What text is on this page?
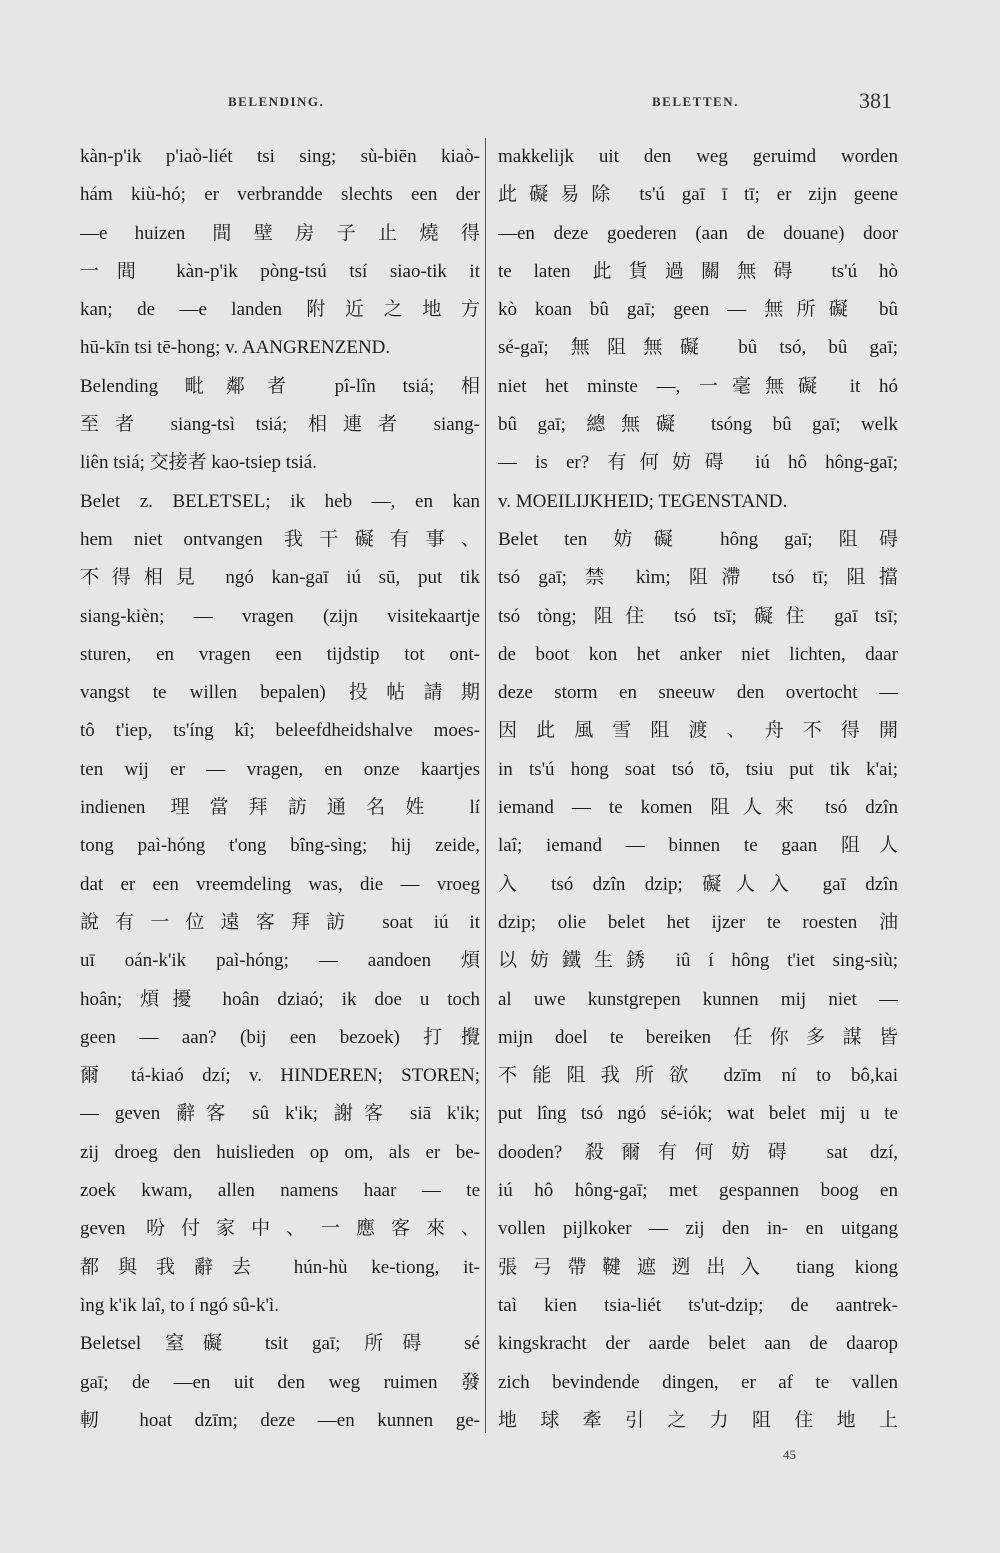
BELENDING.	BELETTEN.	381
kàn-p'ik p'iaò-liét tsi sing; sù-biēn kiaò-
hám kiù-hó; er verbrandde slechts een der
—e huizen 間壁房子止燒得
一間 kàn-p'ik pòng-tsú tsí siao-tik it
kan; de —e landen 附近之地方
hū-kīn tsi tē-hong; v. AANGRENZEND.
Belending 毗鄰者 pî-lîn tsiá; 相
至者 siang-tsì tsiá; 相連者 siang-
liên tsiá; 交接者 kao-tsiep tsiá.
Belet z. BELETSEL; ik heb —, en kan
hem niet ontvangen 我干礙有事、
不得相見 ngó kan-gaī iú sū, put tik
siang-kièn; — vragen (zijn visitekaartje
sturen, en vragen een tijdstip tot ont-
vangst te willen bepalen) 投帖請期
tô t'iep, ts'íng kî; beleefdheidshalve moes-
ten wij er — vragen, en onze kaartjes
indienen 理當拜訪通名姓 lí
tong paì-hóng t'ong bîng-sìng; hij zeide,
dat er een vreemdeling was, die — vroeg
說有一位遠客拜訪 soat iú it
uī oán-k'ik paì-hóng; — aandoen 煩
hoân; 煩擾 hoân dziaó; ik doe u toch
geen — aan? (bij een bezoek) 打攪
爾 tá-kiaó dzí; v. HINDEREN; STOREN;
— geven 辭客 sû k'ik; 謝客 siā k'ik;
zij droeg den huislieden op om, als er be-
zoek kwam, allen namens haar — te
geven 吩付家中、一應客來、
都與我辭去 hún-hù ke-tiong, it-
ìng k'ik laî, to í ngó sû-k'ì.
Beletsel 窒礙 tsit gaī; 所碍 sé
gaī; de —en uit den weg ruimen 發
軔 hoat dzīm; deze —en kunnen ge-
makkelijk uit den weg geruimd worden
此礙易除 ts'ú gaī ī tī; er zijn geene
—en deze goederen (aan de douane) door
te laten 此貨過關無碍 ts'ú hò
kò koan bû gaī; geen — 無所礙 bû
sé-gaī; 無阻無礙 bû tsó, bû gaī;
niet het minste —, 一毫無礙 it hó
bû gaī; 總無礙 tsóng bû gaī; welk
— is er? 有何妨碍 iú hô hông-gaī;
v. MOEILIJKHEID; TEGENSTAND.
Belet ten 妨礙 hông gaī; 阻碍
tsó gaī; 禁 kìm; 阻滯 tsó tī; 阻擋
tsó tòng; 阻住 tsó tsī; 礙住 gaī tsī;
de boot kon het anker niet lichten, daar
deze storm en sneeuw den overtocht —
因此風雪阻渡、舟不得開
in ts'ú hong soat tsó tō, tsiu put tik k'ai;
iemand — te komen 阻人來 tsó dzîn
laî; iemand — binnen te gaan 阻人
入 tsó dzîn dzip; 礙人入 gaī dzîn
dzip; olie belet het ijzer te roesten 油
以妨鐵生銹 iû í hông t'iet sing-siù;
al uwe kunstgrepen kunnen mij niet —
mijn doel te bereiken 任你多謀皆
不能阻我所欲 dzīm ní to bô,kai
put lîng tsó ngó sé-iók; wat belet mij u te
dooden? 殺爾有何妨碍 sat dzí,
iú hô hông-gaī; met gespannen boog en
vollen pijlkoker — zij den in- en uitgang
張弓帶鞬遮迾出入 tiang kiong
taì kien tsia-liét ts'ut-dzip; de aantrek-
kingskracht der aarde belet aan de daarop
zich bevindende dingen, er af te vallen
地球牽引之力阻住地上
45
